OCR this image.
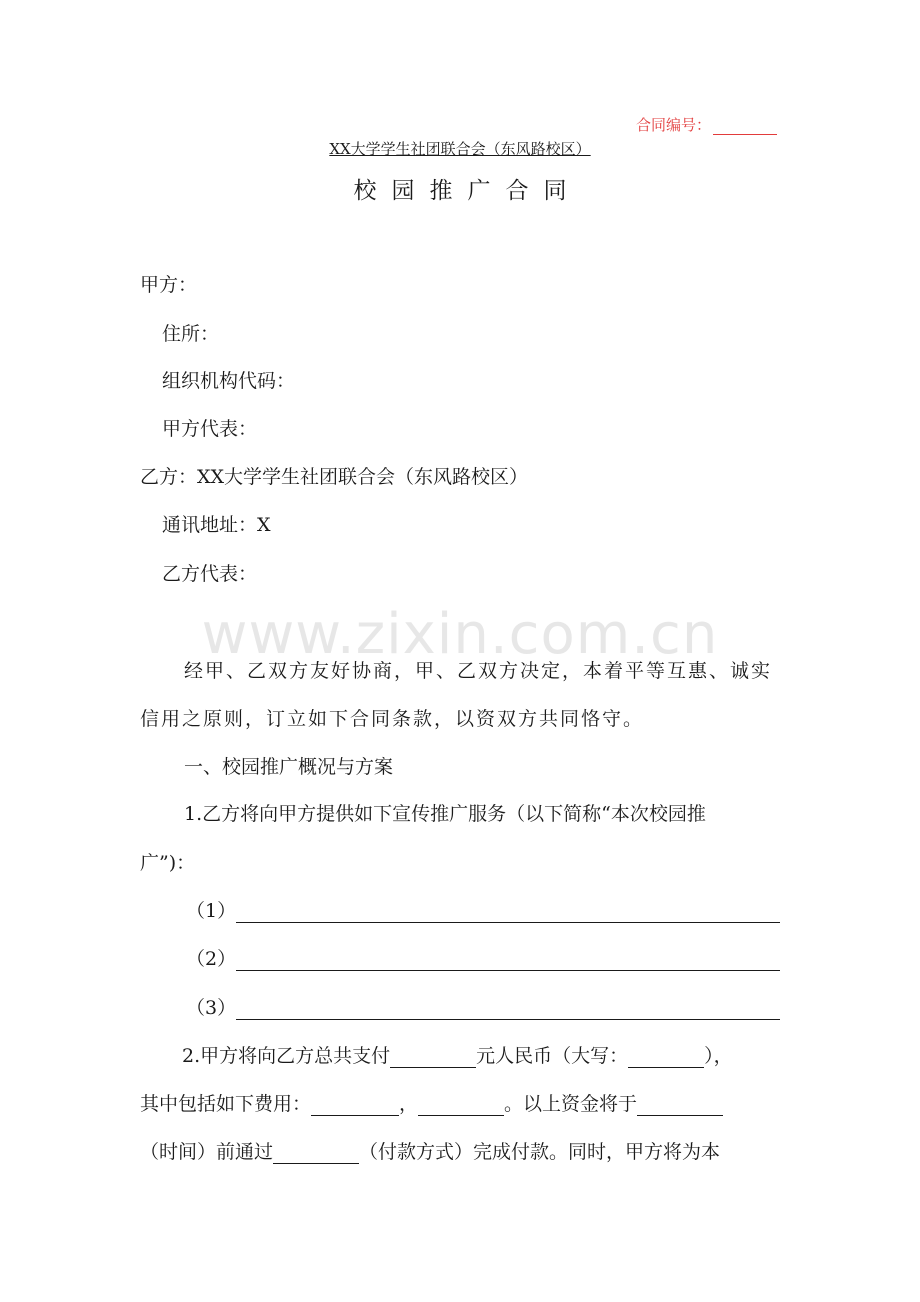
合同编号：
XX大学学生社团联合会（东风路校区）
校园推广合同
甲方：
住所：
组织机构代码：
甲方代表：
乙方：XX大学学生社团联合会（东风路校区）
通讯地址：X
乙方代表：
www.zixin.com.cn
经甲、乙双方友好协商，甲、乙双方决定，本着平等互惠、诚实
信用之原则，订立如下合同条款，以资双方共同恪守。
一、校园推广概况与方案
1.乙方将向甲方提供如下宣传推广服务（以下简称“本次校园推
广”)：
（1）
（2）
（3）
2.甲方将向乙方总共支付	元人民币（大写：	），
其中包括如下费用：	，	。以上资金将于
（时间）前通过	（付款方式）完成付款。同时，甲方将为本
